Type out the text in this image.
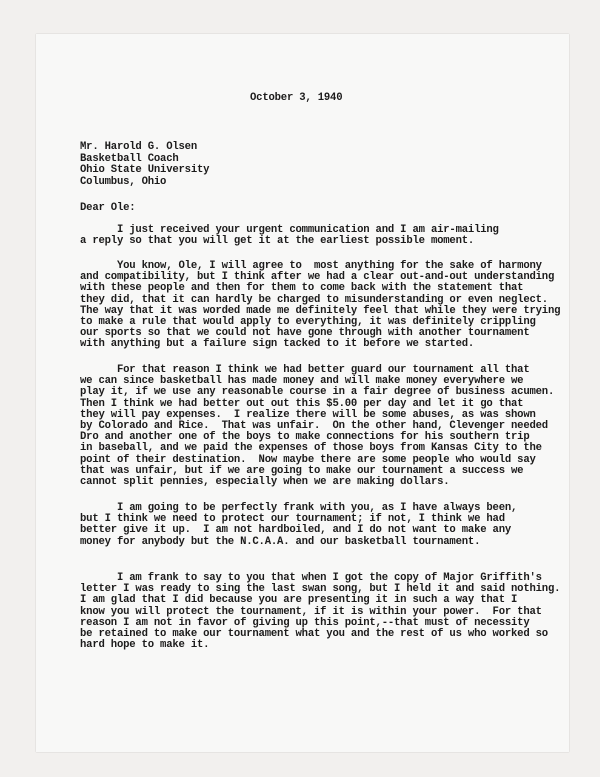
October 3, 1940
Mr. Harold G. Olsen
Basketball Coach
Ohio State University
Columbus, Ohio
Dear Ole:
I just received your urgent communication and I am air-mailing
a reply so that you will get it at the earliest possible moment.
You know, Ole, I will agree to  most anything for the sake of harmony
and compatibility, but I think after we had a clear out-and-out understanding
with these people and then for them to come back with the statement that
they did, that it can hardly be charged to misunderstanding or even neglect.
The way that it was worded made me definitely feel that while they were trying
to make a rule that would apply to everything, it was definitely crippling
our sports so that we could not have gone through with another tournament
with anything but a failure sign tacked to it before we started.
For that reason I think we had better guard our tournament all that
we can since basketball has made money and will make money everywhere we
play it, if we use any reasonable course in a fair degree of business acumen.
Then I think we had better out out this $5.00 per day and let it go that
they will pay expenses.  I realize there will be some abuses, as was shown
by Colorado and Rice.  That was unfair.  On the other hand, Clevenger needed
Dro and another one of the boys to make connections for his southern trip
in baseball, and we paid the expenses of those boys from Kansas City to the
point of their destination.  Now maybe there are some people who would say
that was unfair, but if we are going to make our tournament a success we
cannot split pennies, especially when we are making dollars.
I am going to be perfectly frank with you, as I have always been,
but I think we need to protect our tournament; if not, I think we had
better give it up.  I am not hardboiled, and I do not want to make any
money for anybody but the N.C.A.A. and our basketball tournament.
I am frank to say to you that when I got the copy of Major Griffith's
letter I was ready to sing the last swan song, but I held it and said nothing.
I am glad that I did because you are presenting it in such a way that I
know you will protect the tournament, if it is within your power.  For that
reason I am not in favor of giving up this point,--that must of necessity
be retained to make our tournament what you and the rest of us who worked so
hard hope to make it.
